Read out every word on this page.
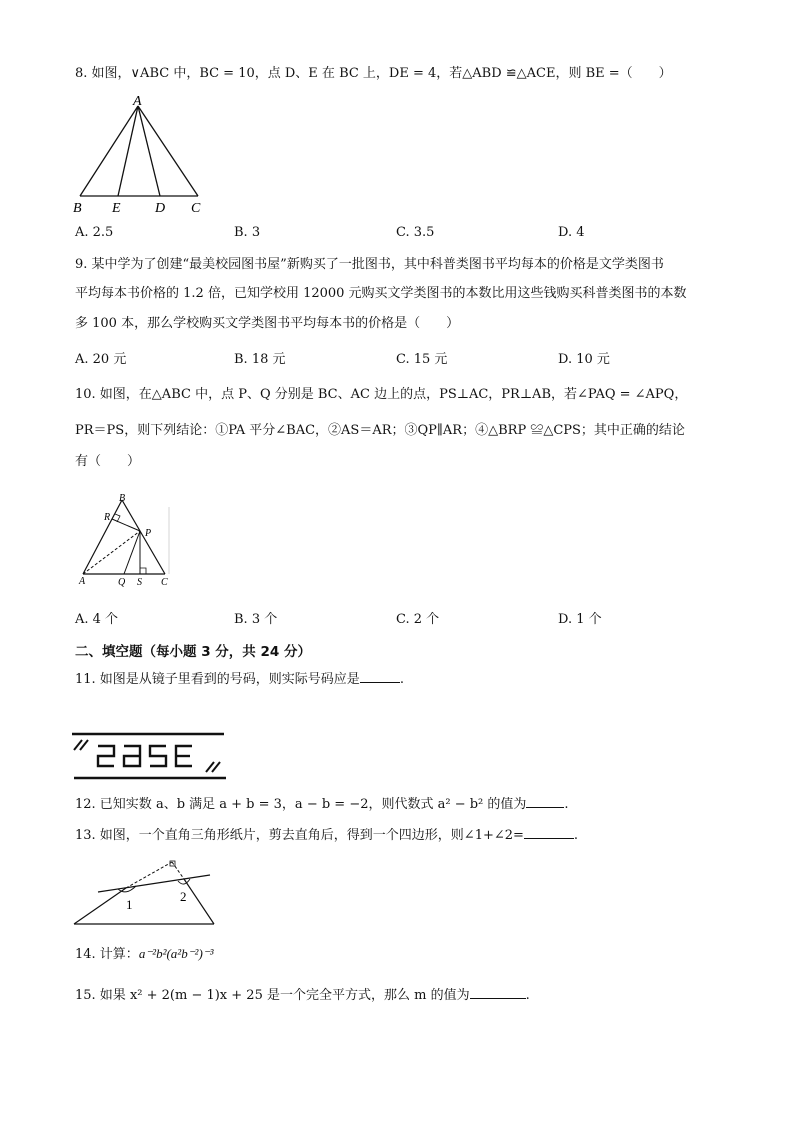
8. 如图，∨ABC 中，BC = 10，点 D、E 在 BC 上，DE = 4，若△ABD ≌△ACE，则 BE =（　　）
A
B E D C
A. 2.5	B. 3	C. 3.5	D. 4
9. 某中学为了创建“最美校园图书屋”新购买了一批图书，其中科普类图书平均每本的价格是文学类图书
平均每本书价格的 1.2 倍，已知学校用 12000 元购买文学类图书的本数比用这些钱购买科普类图书的本数
多 100 本，那么学校购买文学类图书平均每本书的价格是（　　）
A. 20 元	B. 18 元	C. 15 元	D. 10 元
10. 如图，在△ABC 中，点 P、Q 分别是 BC、AC 边上的点，PS⊥AC，PR⊥AB，若∠PAQ = ∠APQ，
PR＝PS，则下列结论：①PA 平分∠BAC，②AS＝AR；③QP∥AR；④△BRP ≌△CPS；其中正确的结论
有（　　）
B
R
P
A	Q S C
A. 4 个	B. 3 个	C. 2 个	D. 1 个
二、填空题（每小题 3 分，共 24 分）
11. 如图是从镜子里看到的号码，则实际号码应是	.
12. 已知实数 a、b 满足 a + b = 3，a − b = −2，则代数式 a² − b² 的值为	.
13. 如图，一个直角三角形纸片，剪去直角后，得到一个四边形，则∠1+∠2=	.
1
2
14. 计算：a⁻²b²(a²b⁻²)⁻³
15. 如果 x² + 2(m − 1)x + 25 是一个完全平方式，那么 m 的值为	.
